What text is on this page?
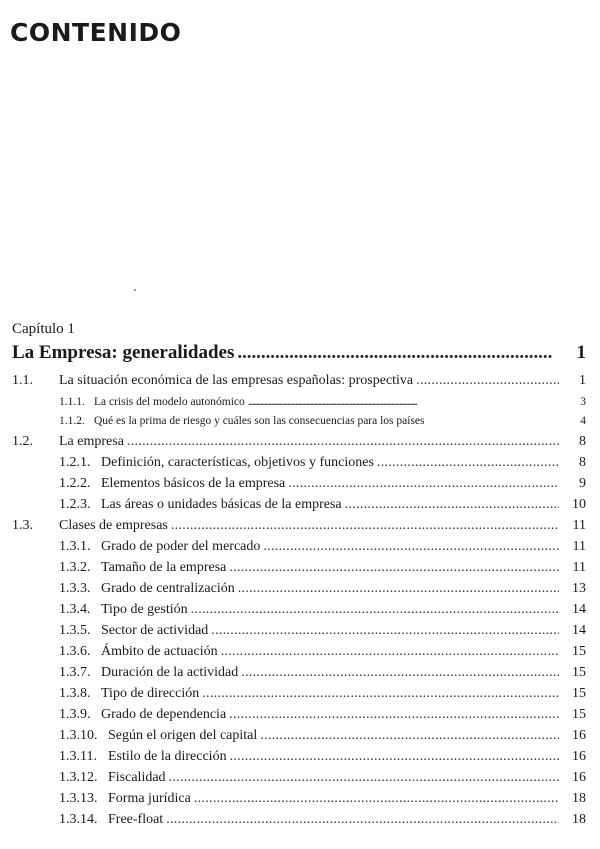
CONTENIDO
Capítulo 1
La Empresa: generalidades . . .	1
1.1.	La situación económica de las empresas españolas: prospectiva . . .	1
1.1.1. La crisis del modelo autonómico . . .	3
1.1.2. Qué es la prima de riesgo y cuáles son las consecuencias para los países	4
1.2.	La empresa . . .	8
1.2.1. Definición, características, objetivos y funciones . . .	8
1.2.2. Elementos básicos de la empresa . . .	9
1.2.3. Las áreas o unidades básicas de la empresa . . .	10
1.3.	Clases de empresas . . .	11
1.3.1. Grado de poder del mercado . . .	11
1.3.2. Tamaño de la empresa . . .	11
1.3.3. Grado de centralización . . .	13
1.3.4. Tipo de gestión . . .	14
1.3.5. Sector de actividad . . .	14
1.3.6. Ámbito de actuación . . .	15
1.3.7. Duración de la actividad . . .	15
1.3.8. Tipo de dirección . . .	15
1.3.9. Grado de dependencia . . .	15
1.3.10. Según el origen del capital . . .	16
1.3.11. Estilo de la dirección . . .	16
1.3.12. Fiscalidad . . .	16
1.3.13. Forma jurídica . . .	18
1.3.14. Free-float . . .	18
